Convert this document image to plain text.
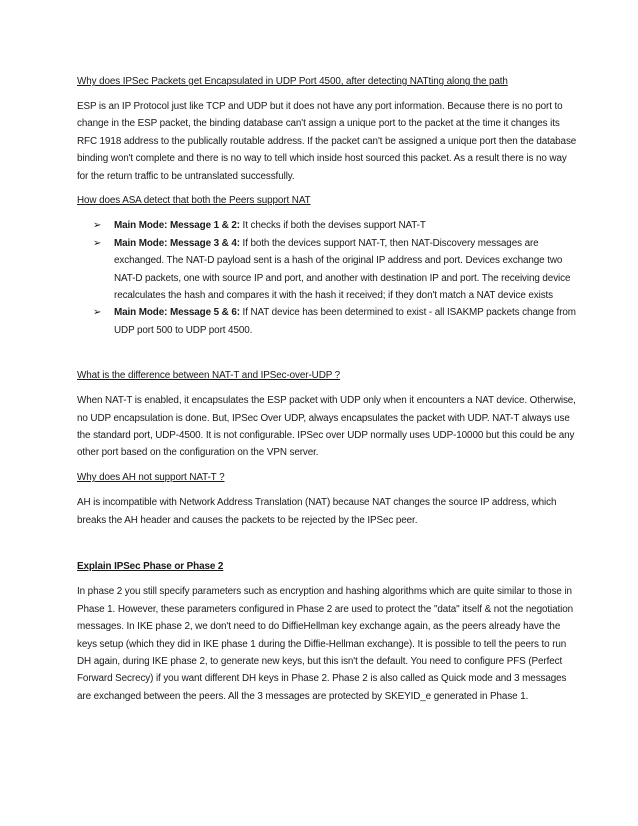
Why does IPSec Packets get Encapsulated in UDP Port 4500, after detecting NATting along the path

ESP is an IP Protocol just like TCP and UDP but it does not have any port information. Because there is no port to change in the ESP packet, the binding database can't assign a unique port to the packet at the time it changes its RFC 1918 address to the publically routable address. If the packet can't be assigned a unique port then the database binding won't complete and there is no way to tell which inside host sourced this packet. As a result there is no way for the return traffic to be untranslated successfully.

How does ASA detect that both the Peers support NAT
➢ Main Mode: Message 1 & 2: It checks if both the devises support NAT-T
➢ Main Mode: Message 3 & 4: If both the devices support NAT-T, then NAT-Discovery messages are exchanged. The NAT-D payload sent is a hash of the original IP address and port. Devices exchange two NAT-D packets, one with source IP and port, and another with destination IP and port. The receiving device recalculates the hash and compares it with the hash it received; if they don't match a NAT device exists
➢ Main Mode: Message 5 & 6: If NAT device has been determined to exist - all ISAKMP packets change from UDP port 500 to UDP port 4500.
What is the difference between NAT-T and IPSec-over-UDP ?

When NAT-T is enabled, it encapsulates the ESP packet with UDP only when it encounters a NAT device. Otherwise, no UDP encapsulation is done. But, IPSec Over UDP, always encapsulates the packet with UDP. NAT-T always use the standard port, UDP-4500. It is not configurable. IPSec over UDP normally uses UDP-10000 but this could be any other port based on the configuration on the VPN server.

Why does AH not support NAT-T ?

AH is incompatible with Network Address Translation (NAT) because NAT changes the source IP address, which breaks the AH header and causes the packets to be rejected by the IPSec peer.

Explain IPSec Phase or Phase 2

In phase 2 you still specify parameters such as encryption and hashing algorithms which are quite similar to those in Phase 1. However, these parameters configured in Phase 2 are used to protect the "data" itself & not the negotiation messages. In IKE phase 2, we don't need to do DiffieHellman key exchange again, as the peers already have the keys setup (which they did in IKE phase 1 during the Diffie-Hellman exchange). It is possible to tell the peers to run DH again, during IKE phase 2, to generate new keys, but this isn't the default. You need to configure PFS (Perfect Forward Secrecy) if you want different DH keys in Phase 2. Phase 2 is also called as Quick mode and 3 messages are exchanged between the peers. All the 3 messages are protected by SKEYID_e generated in Phase 1.
